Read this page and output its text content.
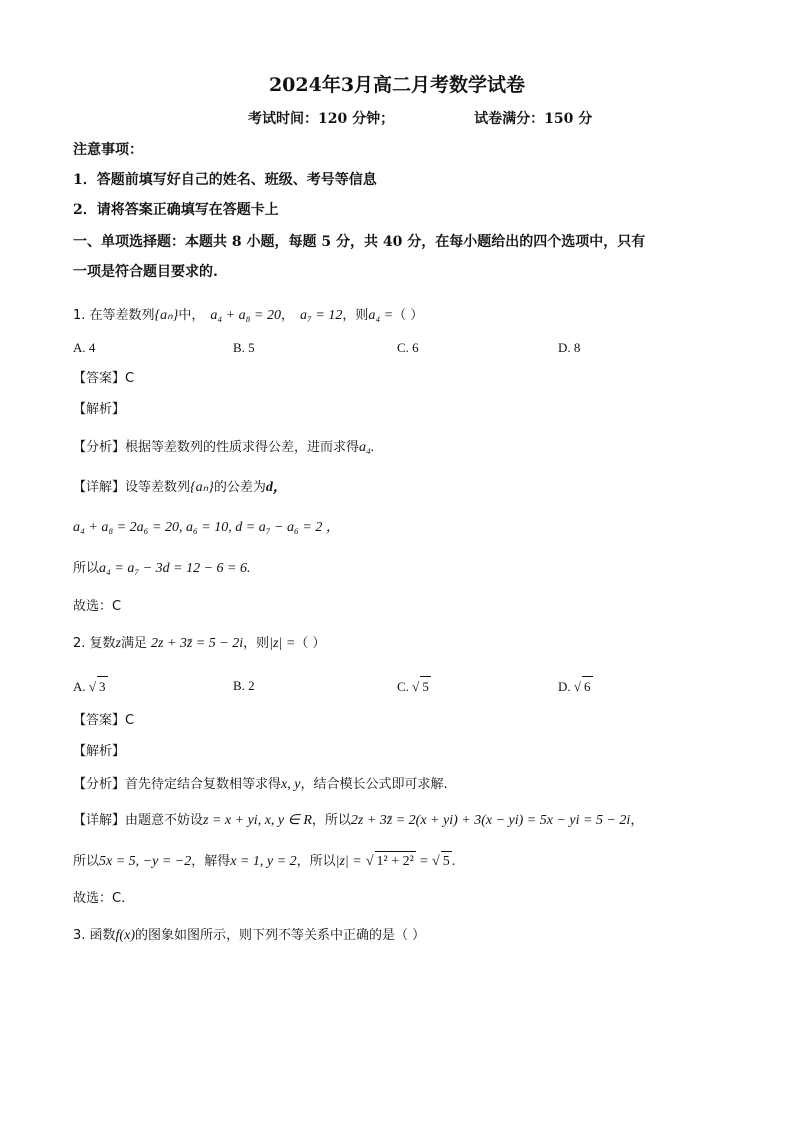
2024年3月高二月考数学试卷
考试时间：120 分钟；	试卷满分：150 分
注意事项：
1．答题前填写好自己的姓名、班级、考号等信息
2．请将答案正确填写在答题卡上
一、单项选择题：本题共 8 小题，每题 5 分，共 40 分，在每小题给出的四个选项中，只有
一项是符合题目要求的.
1. 在等差数列{aₙ}中， a₄ + a₈ = 20， a₇ = 12，则a₄ =（ ）
A. 4	B. 5	C. 6	D. 8
【答案】C
【解析】
【分析】根据等差数列的性质求得公差，进而求得a₄.
【详解】设等差数列{aₙ}的公差为d，
a₄ + a₈ = 2a₆ = 20, a₆ = 10, d = a₇ − a₆ = 2 ，
所以a₄ = a₇ − 3d = 12 − 6 = 6.
故选：C
2. 复数z满足 2z + 3z̄ = 5 − 2i，则|z| =（ ）
A. √ 3	B. 2	C. √ 5	D. √ 6
【答案】C
【解析】
【分析】首先待定结合复数相等求得x, y，结合模长公式即可求解.
【详解】由题意不妨设z = x + yi, x, y ∈ R，所以2z + 3z̄ = 2(x + yi) + 3(x − yi) = 5x − yi = 5 − 2i，
所以5x = 5, −y = −2，解得x = 1, y = 2，所以|z| = √ 1² + 2² = √ 5 .
故选：C.
3. 函数f(x)的图象如图所示，则下列不等关系中正确的是（ ）
